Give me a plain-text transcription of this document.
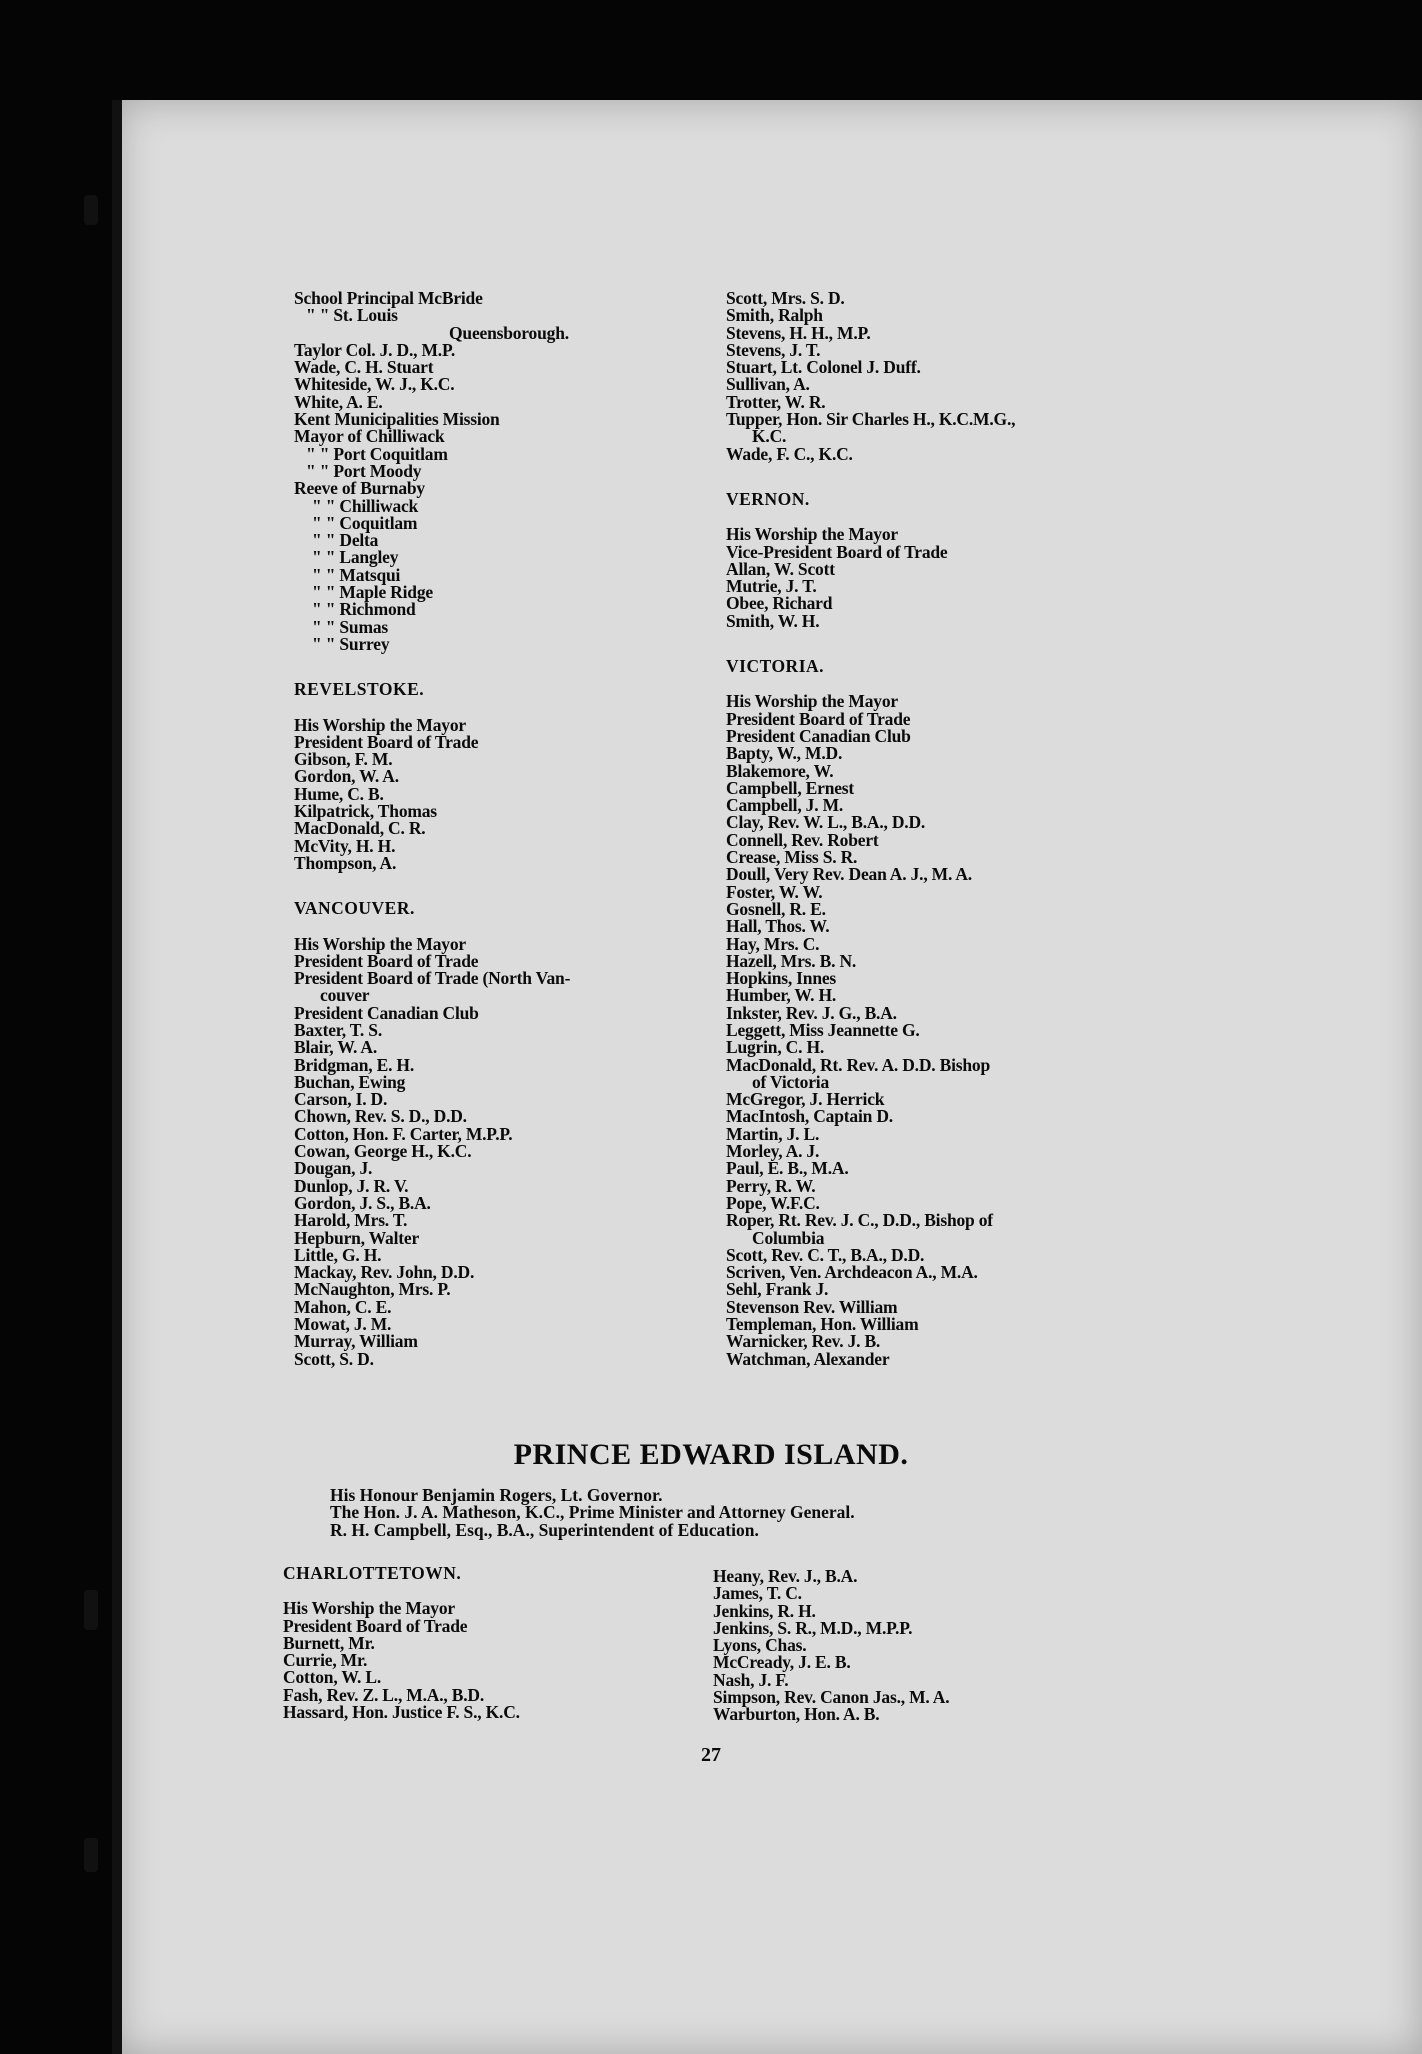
School Principal McBride
" " St. Louis
Queensborough.
Taylor Col. J. D., M.P.
Wade, C. H. Stuart
Whiteside, W. J., K.C.
White, A. E.
Kent Municipalities Mission
Mayor of Chilliwack
" " Port Coquitlam
" " Port Moody
Reeve of Burnaby
" " Chilliwack
" " Coquitlam
" " Delta
" " Langley
" " Matsqui
" " Maple Ridge
" " Richmond
" " Sumas
" " Surrey
REVELSTOKE.
His Worship the Mayor
President Board of Trade
Gibson, F. M.
Gordon, W. A.
Hume, C. B.
Kilpatrick, Thomas
MacDonald, C. R.
McVity, H. H.
Thompson, A.
VANCOUVER.
His Worship the Mayor
President Board of Trade
President Board of Trade (North Van-
couver
President Canadian Club
Baxter, T. S.
Blair, W. A.
Bridgman, E. H.
Buchan, Ewing
Carson, I. D.
Chown, Rev. S. D., D.D.
Cotton, Hon. F. Carter, M.P.P.
Cowan, George H., K.C.
Dougan, J.
Dunlop, J. R. V.
Gordon, J. S., B.A.
Harold, Mrs. T.
Hepburn, Walter
Little, G. H.
Mackay, Rev. John, D.D.
McNaughton, Mrs. P.
Mahon, C. E.
Mowat, J. M.
Murray, William
Scott, S. D.
Scott, Mrs. S. D.
Smith, Ralph
Stevens, H. H., M.P.
Stevens, J. T.
Stuart, Lt. Colonel J. Duff.
Sullivan, A.
Trotter, W. R.
Tupper, Hon. Sir Charles H., K.C.M.G.,
K.C.
Wade, F. C., K.C.
VERNON.
His Worship the Mayor
Vice-President Board of Trade
Allan, W. Scott
Mutrie, J. T.
Obee, Richard
Smith, W. H.
VICTORIA.
His Worship the Mayor
President Board of Trade
President Canadian Club
Bapty, W., M.D.
Blakemore, W.
Campbell, Ernest
Campbell, J. M.
Clay, Rev. W. L., B.A., D.D.
Connell, Rev. Robert
Crease, Miss S. R.
Doull, Very Rev. Dean A. J., M. A.
Foster, W. W.
Gosnell, R. E.
Hall, Thos. W.
Hay, Mrs. C.
Hazell, Mrs. B. N.
Hopkins, Innes
Humber, W. H.
Inkster, Rev. J. G., B.A.
Leggett, Miss Jeannette G.
Lugrin, C. H.
MacDonald, Rt. Rev. A. D.D. Bishop
of Victoria
McGregor, J. Herrick
MacIntosh, Captain D.
Martin, J. L.
Morley, A. J.
Paul, E. B., M.A.
Perry, R. W.
Pope, W.F.C.
Roper, Rt. Rev. J. C., D.D., Bishop of
Columbia
Scott, Rev. C. T., B.A., D.D.
Scriven, Ven. Archdeacon A., M.A.
Sehl, Frank J.
Stevenson Rev. William
Templeman, Hon. William
Warnicker, Rev. J. B.
Watchman, Alexander
PRINCE EDWARD ISLAND.
His Honour Benjamin Rogers, Lt. Governor.
The Hon. J. A. Matheson, K.C., Prime Minister and Attorney General.
R. H. Campbell, Esq., B.A., Superintendent of Education.
CHARLOTTETOWN.
His Worship the Mayor
President Board of Trade
Burnett, Mr.
Currie, Mr.
Cotton, W. L.
Fash, Rev. Z. L., M.A., B.D.
Hassard, Hon. Justice F. S., K.C.
Heany, Rev. J., B.A.
James, T. C.
Jenkins, R. H.
Jenkins, S. R., M.D., M.P.P.
Lyons, Chas.
McCready, J. E. B.
Nash, J. F.
Simpson, Rev. Canon Jas., M. A.
Warburton, Hon. A. B.
27
